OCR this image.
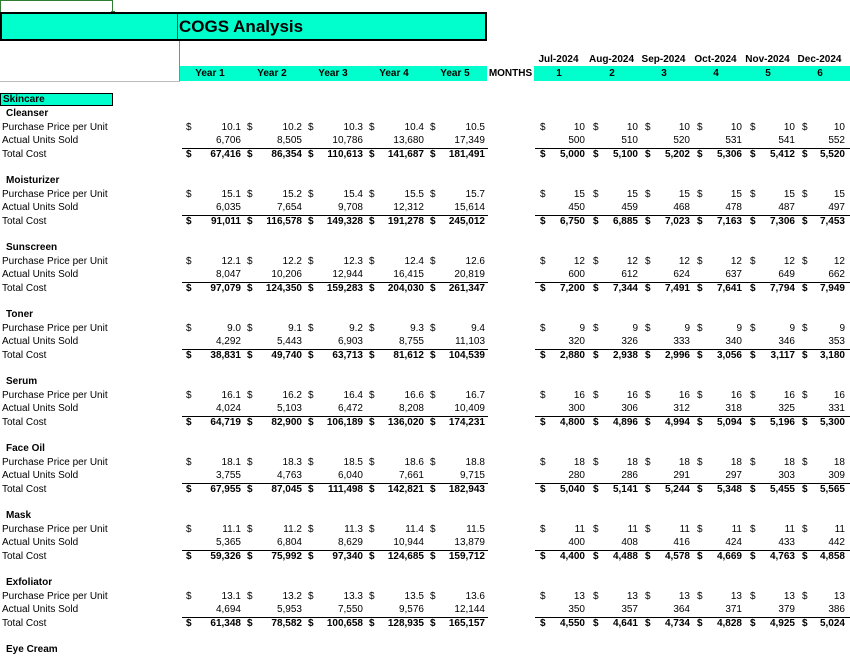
COGS Analysis
Skincare
Jul-2024	Aug-2024 Sep-2024 Oct-2024 Nov-2024 Dec-2024
Year 1	Year 2	Year 3	Year 4	Year 5	MONTHS	1	2	3	4	5	6
Cleanser
Purchase Price per Unit	$	10.1 $	10.2 $	10.3 $	10.4 $	10.5	$	10 $	10 $	10 $	10 $	10 $	10
Actual Units Sold	6,706	8,505	10,786	13,680	17,349	500	510	520	531	541	552
Total Cost	$	67,416 $	86,354 $	110,613 $	141,687 $	181,491	$	5,000 $	5,100 $	5,202 $	5,306 $	5,412 $	5,520
Moisturizer
Purchase Price per Unit	$	15.1 $	15.2 $	15.4 $	15.5 $	15.7	$	15 $	15 $	15 $	15 $	15 $	15
Actual Units Sold	6,035	7,654	9,708	12,312	15,614	450	459	468	478	487	497
Total Cost	$	91,011 $	116,578 $	149,328 $	191,278 $	245,012	$	6,750 $	6,885 $	7,023 $	7,163 $	7,306 $	7,453
Sunscreen
Purchase Price per Unit	$	12.1 $	12.2 $	12.3 $	12.4 $	12.6	$	12 $	12 $	12 $	12 $	12 $	12
Actual Units Sold	8,047	10,206	12,944	16,415	20,819	600	612	624	637	649	662
Total Cost	$	97,079 $	124,350 $	159,283 $	204,030 $	261,347	$	7,200 $	7,344 $	7,491 $	7,641 $	7,794 $	7,949
Toner
Purchase Price per Unit	$	9.0 $	9.1 $	9.2 $	9.3 $	9.4	$	9 $	9 $	9 $	9 $	9 $	9
Actual Units Sold	4,292	5,443	6,903	8,755	11,103	320	326	333	340	346	353
Total Cost	$	38,831 $	49,740 $	63,713 $	81,612 $	104,539	$	2,880 $	2,938 $	2,996 $	3,056 $	3,117 $	3,180
Serum
Purchase Price per Unit	$	16.1 $	16.2 $	16.4 $	16.6 $	16.7	$	16 $	16 $	16 $	16 $	16 $	16
Actual Units Sold	4,024	5,103	6,472	8,208	10,409	300	306	312	318	325	331
Total Cost	$	64,719 $	82,900 $	106,189 $	136,020 $	174,231	$	4,800 $	4,896 $	4,994 $	5,094 $	5,196 $	5,300
Face Oil
Purchase Price per Unit	$	18.1 $	18.3 $	18.5 $	18.6 $	18.8	$	18 $	18 $	18 $	18 $	18 $	18
Actual Units Sold	3,755	4,763	6,040	7,661	9,715	280	286	291	297	303	309
Total Cost	$	67,955 $	87,045 $	111,498 $	142,821 $	182,943	$	5,040 $	5,141 $	5,244 $	5,348 $	5,455 $	5,565
Mask
Purchase Price per Unit	$	11.1 $	11.2 $	11.3 $	11.4 $	11.5	$	11 $	11 $	11 $	11 $	11 $	11
Actual Units Sold	5,365	6,804	8,629	10,944	13,879	400	408	416	424	433	442
Total Cost	$	59,326 $	75,992 $	97,340 $	124,685 $	159,712	$	4,400 $	4,488 $	4,578 $	4,669 $	4,763 $	4,858
Exfoliator
Purchase Price per Unit	$	13.1 $	13.2 $	13.3 $	13.5 $	13.6	$	13 $	13 $	13 $	13 $	13 $	13
Actual Units Sold	4,694	5,953	7,550	9,576	12,144	350	357	364	371	379	386
Total Cost	$	61,348 $	78,582 $	100,658 $	128,935 $	165,157	$	4,550 $	4,641 $	4,734 $	4,828 $	4,925 $	5,024
Eye Cream
